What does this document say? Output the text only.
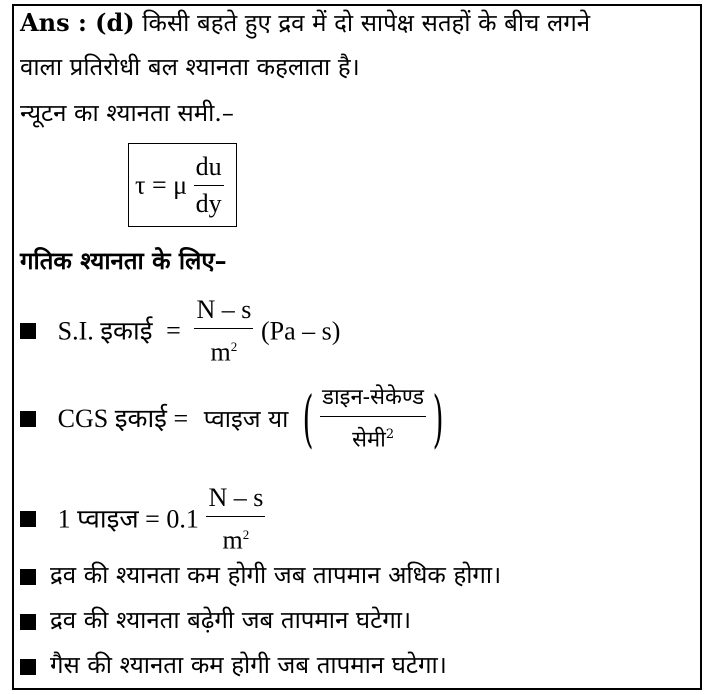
Ans : (d) किसी बहते हुए द्रव में दो सापेक्ष सतहों के बीच लगने
वाला प्रतिरोधी बल श्यानता कहलाता है।
न्यूटन का श्यानता समी.–
τ = μ $\frac{du}{dy}$
गतिक श्यानता के लिए–
S.I. इकाई = $\frac{N - s}{m^2} (Pa - s)$
CGS इकाई = प्वाइज या ( $\frac{\text{डाइन-सेकेण्ड}}{सेमी^2}$ )
1 प्वाइज = $0.1 \frac{N - s}{m^2}$
द्रव की श्यानता कम होगी जब तापमान अधिक होगा।
द्रव की श्यानता बढ़ेगी जब तापमान घटेगा।
गैस की श्यानता कम होगी जब तापमान घटेगा।
